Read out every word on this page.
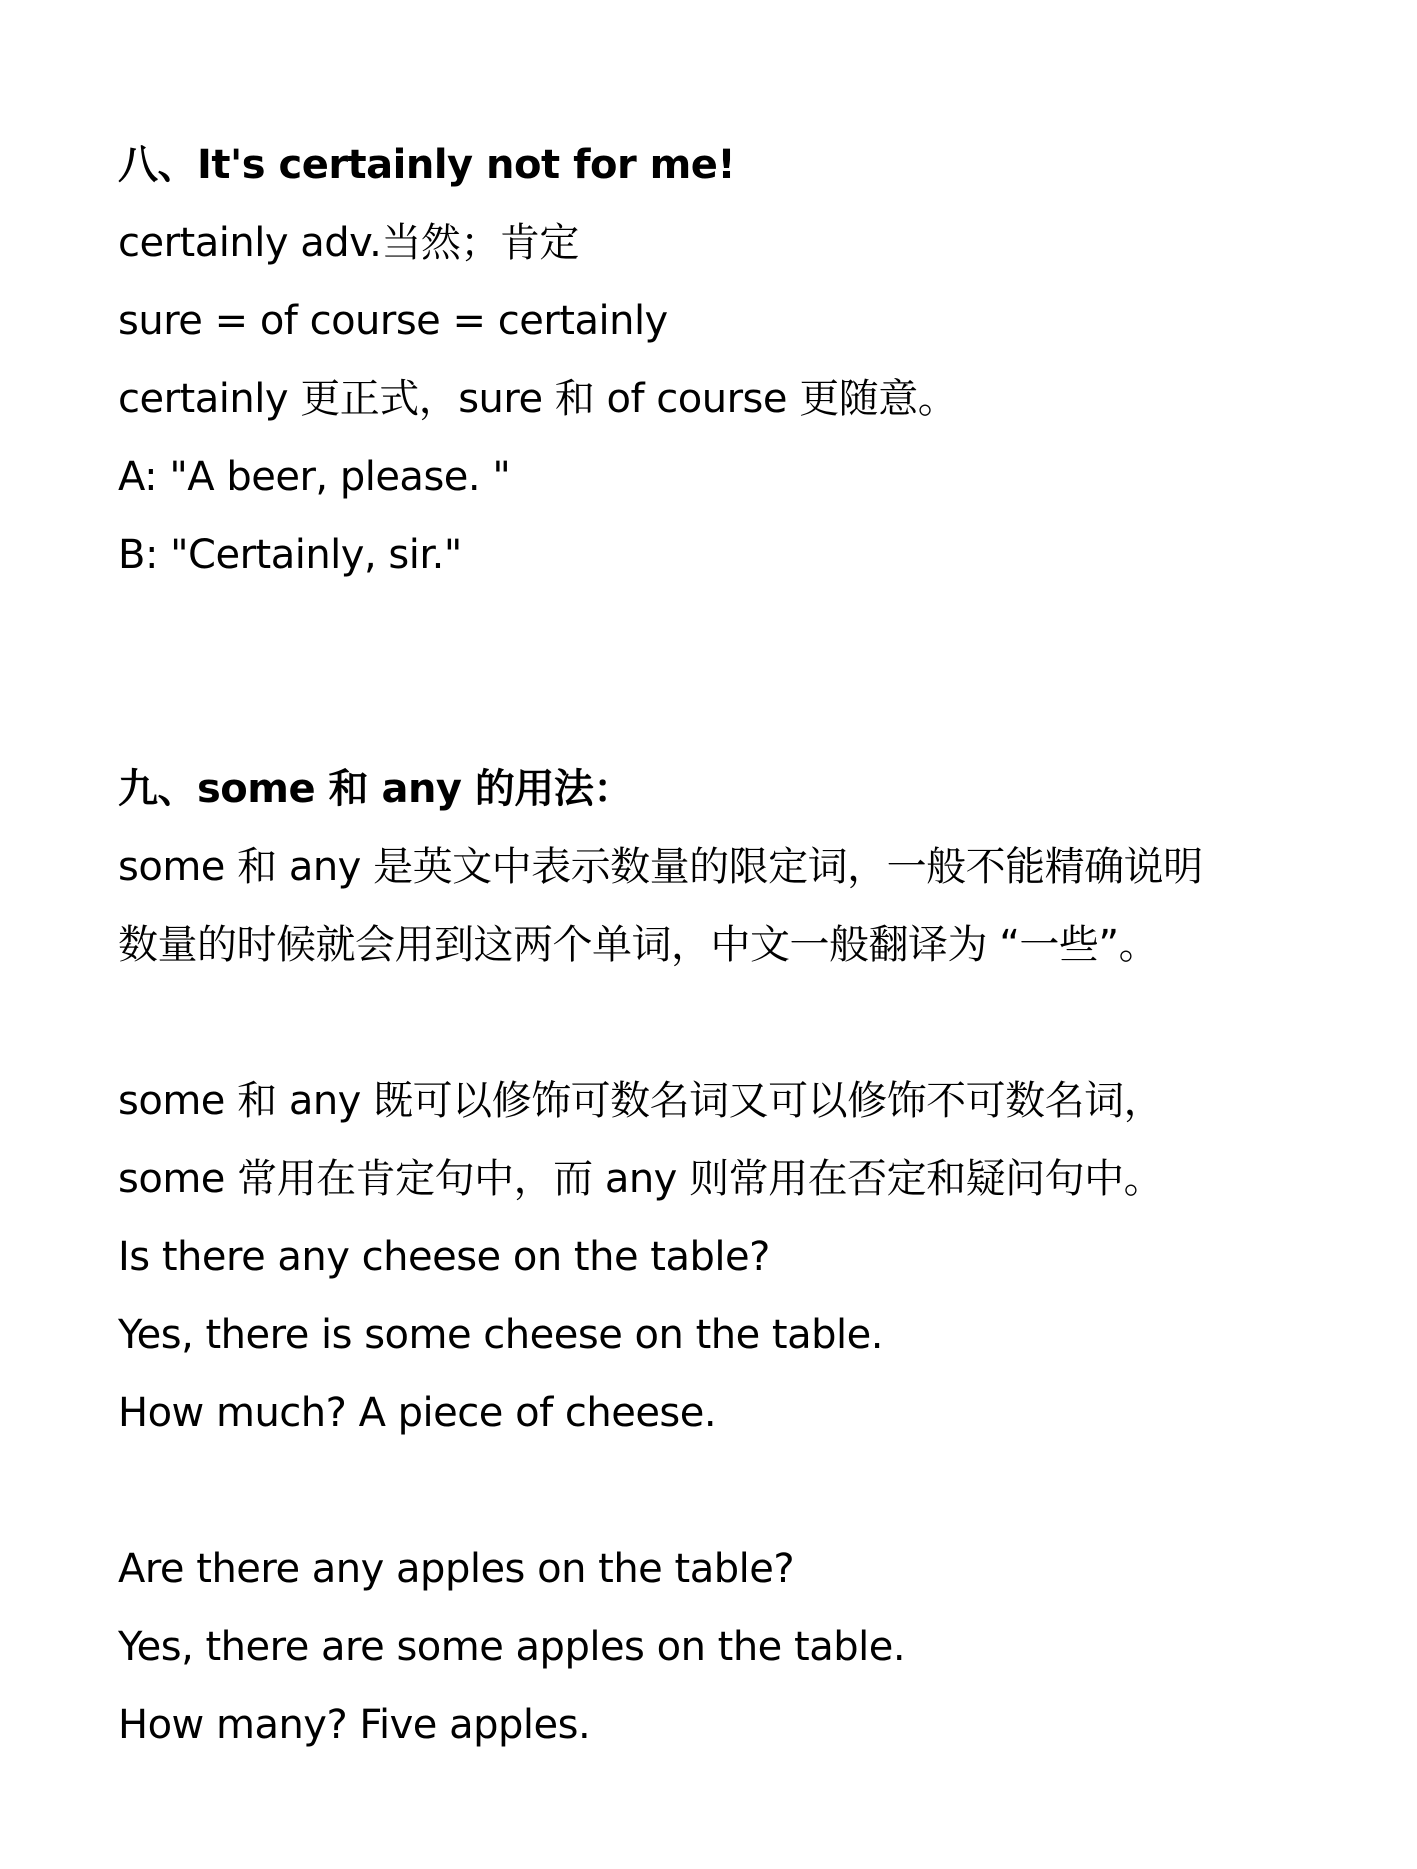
八、It's certainly not for me!
certainly adv.当然；肯定
sure = of course = certainly
certainly 更正式，sure 和 of course 更随意。
A: "A beer, please. "
B: "Certainly, sir."
九、some 和 any 的用法：
some 和 any 是英文中表示数量的限定词，一般不能精确说明
数量的时候就会用到这两个单词，中文一般翻译为 “一些”。
some 和 any 既可以修饰可数名词又可以修饰不可数名词，
some 常用在肯定句中，而 any 则常用在否定和疑问句中。
Is there any cheese on the table?
Yes, there is some cheese on the table.
How much? A piece of cheese.
Are there any apples on the table?
Yes, there are some apples on the table.
How many? Five apples.
